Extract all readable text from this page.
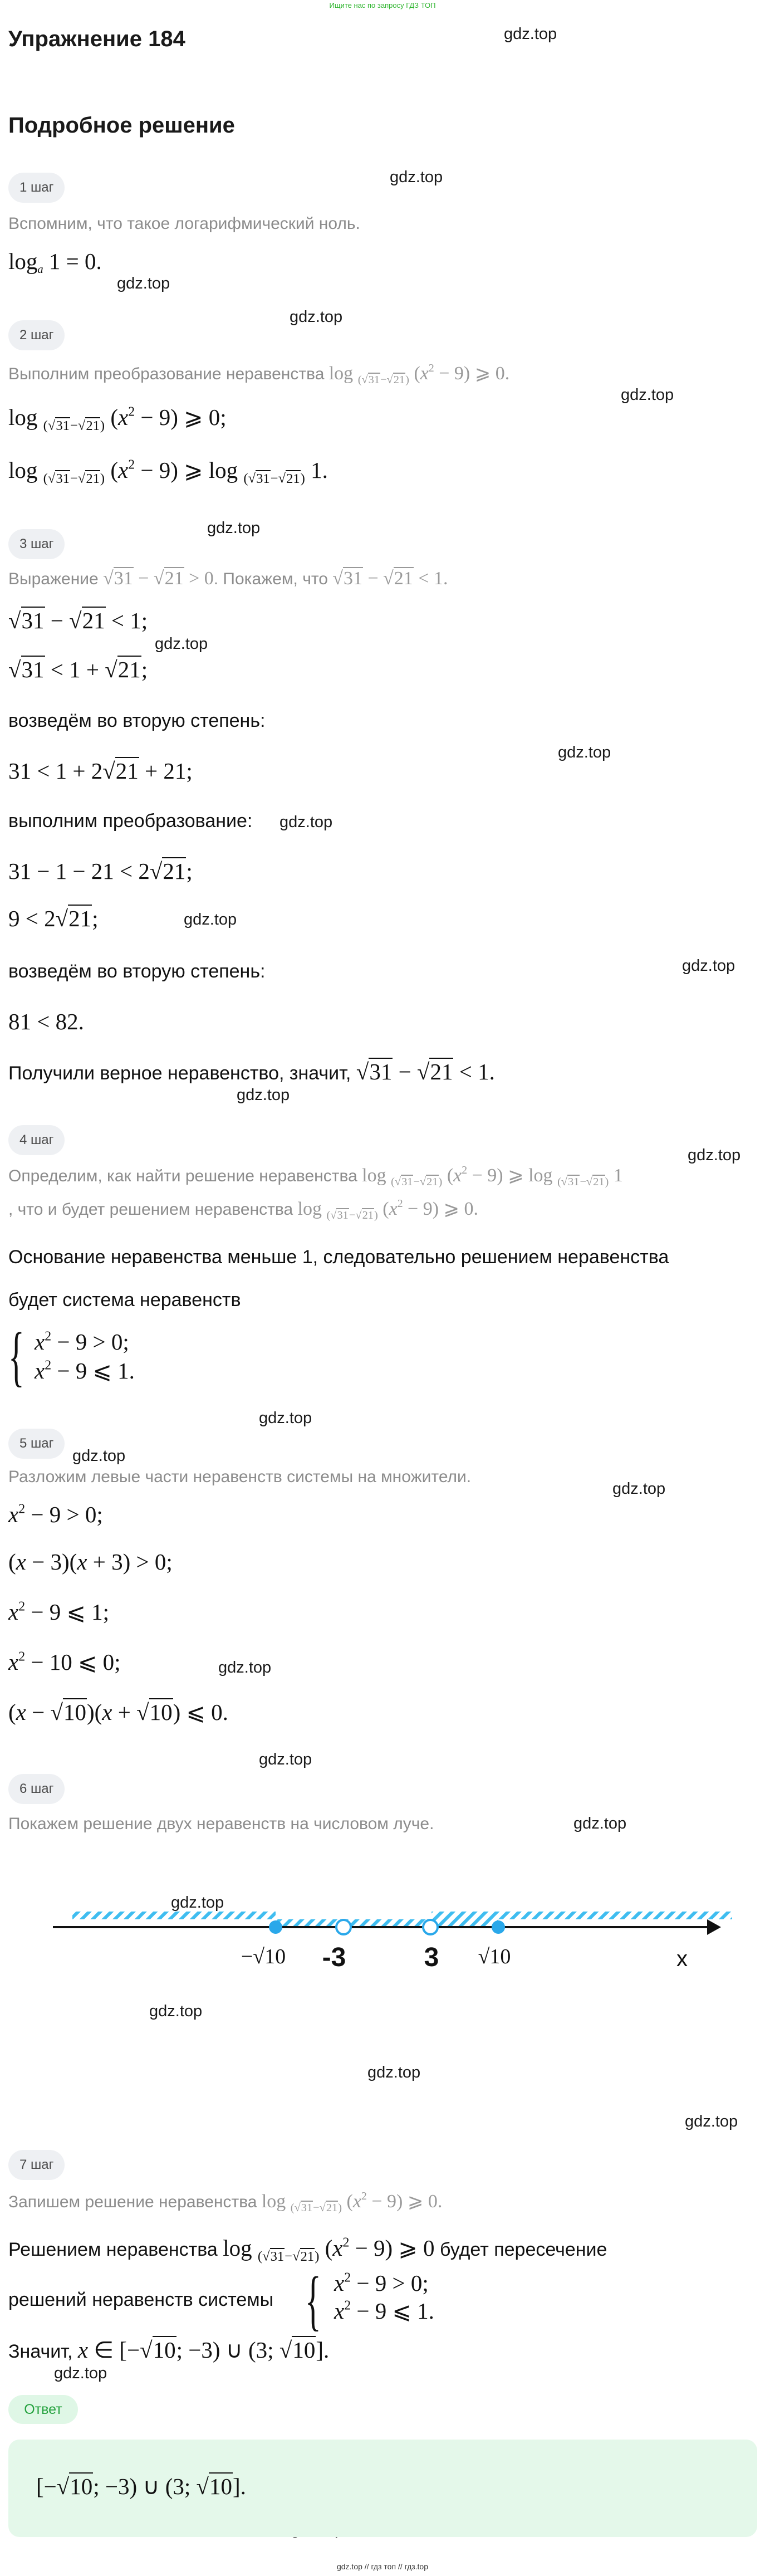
Ищите нас по запросу ГДЗ ТОП
Упражнение 184
Подробное решение
gdz.top
gdz.top
gdz.top
gdz.top
gdz.top
gdz.top
gdz.top
gdz.top
gdz.top
gdz.top
gdz.top
gdz.top
gdz.top
gdz.top
gdz.top
gdz.top
gdz.top
gdz.top
gdz.top
gdz.top
gdz.top
gdz.top
gdz.top
gdz.top
1 шаг
Вспомним, что такое логарифмический ноль.
$\log_a 1 = 0$.
2 шаг
Выполним преобразование неравенства log $_{(√31-√21)}$ $(x^2 - 9)$ ⩾ 0.
log $_{(√31-√21)}$ $(x^2 - 9)$ ⩾ 0;
log $_{(√31-√21)}$ $(x^2 - 9)$ ⩾ log $_{(√31-√21)}$ 1.
3 шаг
Выражение √31 − √21 > 0. Покажем, что √31 − √21 < 1.
√31 − √21 < 1;
√31 < 1 + √21;
возведём во вторую степень:
31 < 1 + 2√21 + 21;
выполним преобразование:
31 − 1 − 21 < 2√21;
9 < 2√21;
возведём во вторую степень:
81 < 82.
Получили верное неравенство, значит, √31 − √21 < 1.
4 шаг
Определим, как найти решение неравенства log $_{(√31-√21)}$ $(x^2 - 9)$ ⩾ log $_{(√31-√21)}$ 1
, что и будет решением неравенства log $_{(√31-√21)}$ $(x^2 - 9)$ ⩾ 0.
Основание неравенства меньше 1, следовательно решением неравенства
будет система неравенств
{ $x^2 - 9 > 0$;
$x^2 - 9$ ⩽ 1.
5 шаг
Разложим левые части неравенств системы на множители.
$x^2 - 9 > 0$;
(x − 3)(x + 3) > 0;
$x^2 - 9$ ⩽ 1;
$x^2 - 10$ ⩽ 0;
(x − √10)(x + √10) ⩽ 0.
6 шаг
Покажем решение двух неравенств на числовом луче.
−√10 -3	3 √10	x
7 шаг
Запишем решение неравенства log $_{(√31-√21)}$ $(x^2 - 9)$ ⩾ 0.
Решением неравенства log $_{(√31-√21)}$ $(x^2 - 9)$ ⩾ 0 будет пересечение
решений неравенств системы { $x^2 - 9 > 0$;
$x^2 - 9$ ⩽ 1.
Значит, x ∈ [−√10; −3) ∪ (3; √10].
Ответ
[−√10; −3) ∪ (3; √10].
gdz.top // гдз топ // гдз.top
